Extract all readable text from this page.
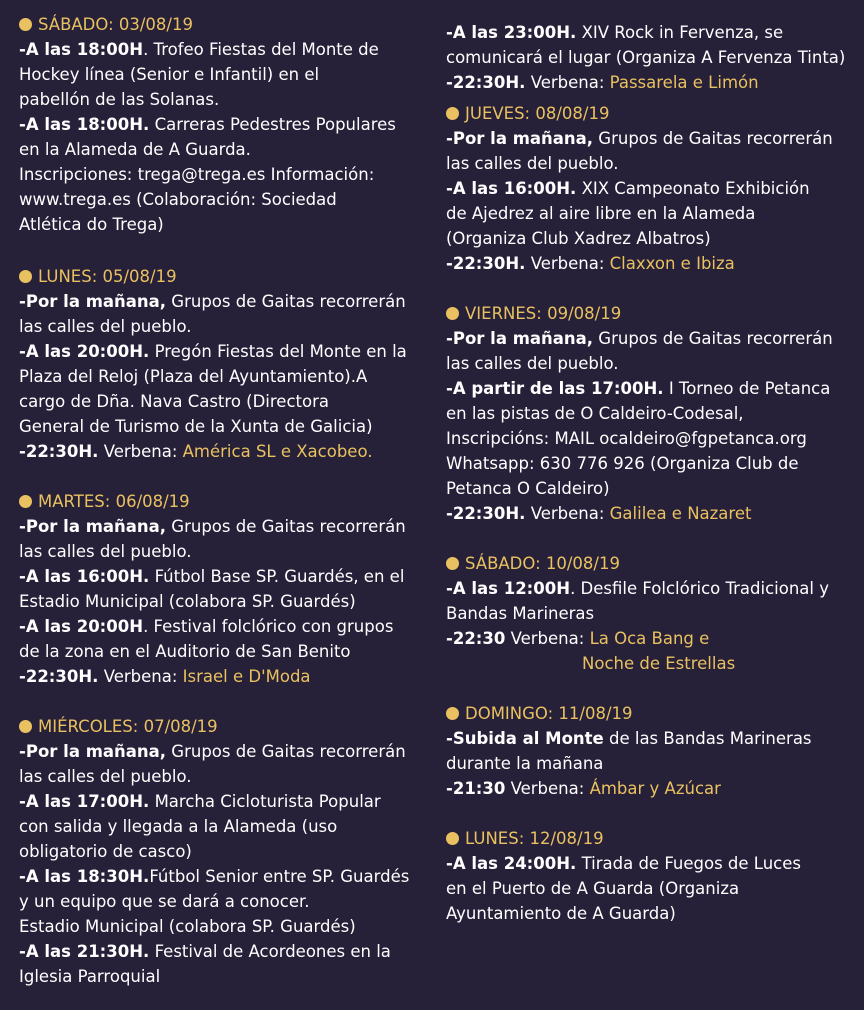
SÁBADO: 03/08/19
-A las 18:00H. Trofeo Fiestas del Monte de
Hockey línea (Senior e Infantil) en el
pabellón de las Solanas.
-A las 18:00H. Carreras Pedestres Populares
en la Alameda de A Guarda.
Inscripciones: trega@trega.es Información:
www.trega.es (Colaboración: Sociedad
Atlética do Trega)
LUNES: 05/08/19
-Por la mañana, Grupos de Gaitas recorrerán
las calles del pueblo.
-A las 20:00H. Pregón Fiestas del Monte en la
Plaza del Reloj (Plaza del Ayuntamiento).A
cargo de Dña. Nava Castro (Directora
General de Turismo de la Xunta de Galicia)
-22:30H. Verbena: América SL e Xacobeo.
MARTES: 06/08/19
-Por la mañana, Grupos de Gaitas recorrerán
las calles del pueblo.
-A las 16:00H. Fútbol Base SP. Guardés, en el
Estadio Municipal (colabora SP. Guardés)
-A las 20:00H. Festival folclórico con grupos
de la zona en el Auditorio de San Benito
-22:30H. Verbena: Israel e D'Moda
MIÉRCOLES: 07/08/19
-Por la mañana, Grupos de Gaitas recorrerán
las calles del pueblo.
-A las 17:00H. Marcha Cicloturista Popular
con salida y llegada a la Alameda (uso
obligatorio de casco)
-A las 18:30H.Fútbol Senior entre SP. Guardés
y un equipo que se dará a conocer.
Estadio Municipal (colabora SP. Guardés)
-A las 21:30H. Festival de Acordeones en la
Iglesia Parroquial
-A las 23:00H. XIV Rock in Fervenza, se
comunicará el lugar (Organiza A Fervenza Tinta)
-22:30H. Verbena: Passarela e Limón
JUEVES: 08/08/19
-Por la mañana, Grupos de Gaitas recorrerán
las calles del pueblo.
-A las 16:00H. XIX Campeonato Exhibición
de Ajedrez al aire libre en la Alameda
(Organiza Club Xadrez Albatros)
-22:30H. Verbena: Claxxon e Ibiza
VIERNES: 09/08/19
-Por la mañana, Grupos de Gaitas recorrerán
las calles del pueblo.
-A partir de las 17:00H. I Torneo de Petanca
en las pistas de O Caldeiro-Codesal,
Inscripcións: MAIL ocaldeiro@fgpetanca.org
Whatsapp: 630 776 926 (Organiza Club de
Petanca O Caldeiro)
-22:30H. Verbena: Galilea e Nazaret
SÁBADO: 10/08/19
-A las 12:00H. Desfile Folclórico Tradicional y
Bandas Marineras
-22:30 Verbena: La Oca Bang e
Noche de Estrellas
DOMINGO: 11/08/19
-Subida al Monte de las Bandas Marineras
durante la mañana
-21:30 Verbena: Ámbar y Azúcar
LUNES: 12/08/19
-A las 24:00H. Tirada de Fuegos de Luces
en el Puerto de A Guarda (Organiza
Ayuntamiento de A Guarda)
